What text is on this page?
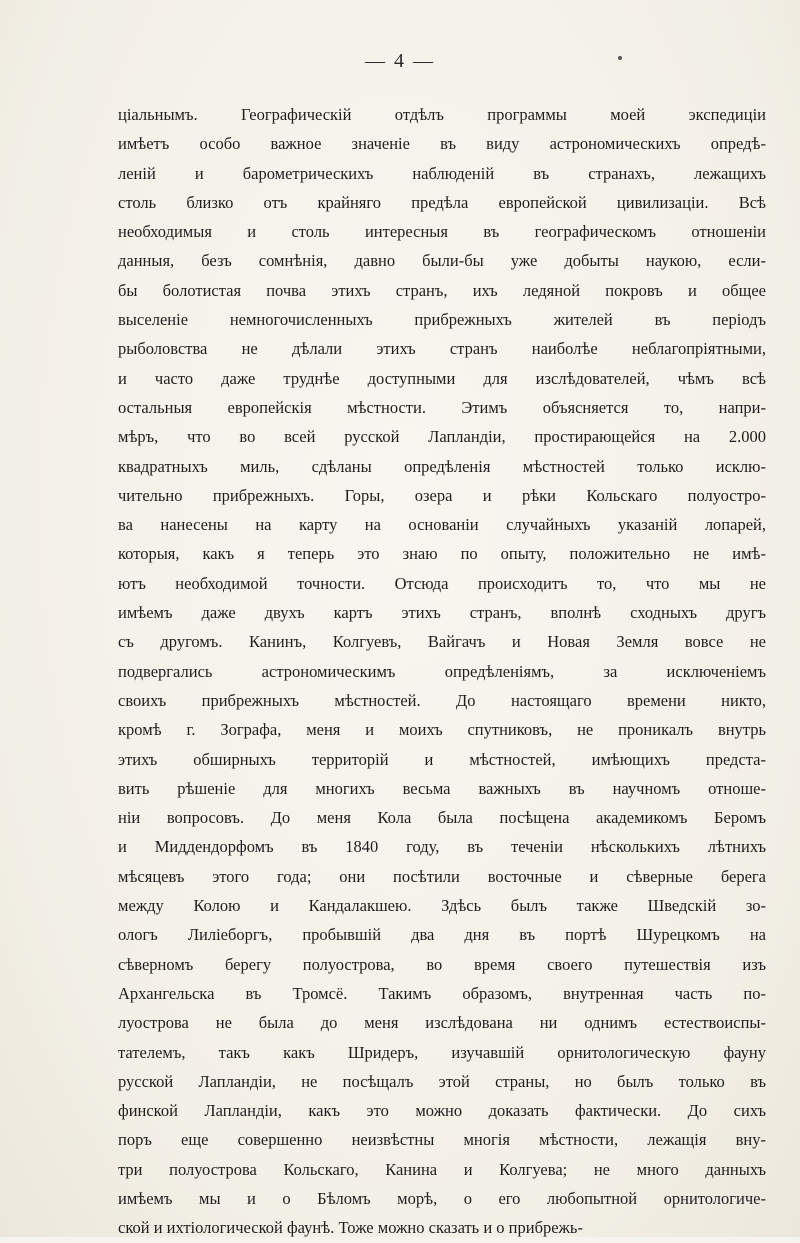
— 4 —
ціальнымъ. Географическій отдѣлъ программы моей экспедиціи
имѣетъ особо важное значеніе въ виду астрономическихъ опредѣ-
леній и барометрическихъ наблюденій въ странахъ, лежащихъ
столь близко отъ крайняго предѣла европейской цивилизаціи. Всѣ
необходимыя и столь интересныя въ географическомъ отношеніи
данныя, безъ сомнѣнія, давно были-бы уже добыты наукою, если-
бы болотистая почва этихъ странъ, ихъ ледяной покровъ и общее
выселеніе немногочисленныхъ прибрежныхъ жителей въ періодъ
рыболовства не дѣлали этихъ странъ наиболѣе неблагопріятными,
и часто даже труднѣе доступными для изслѣдователей, чѣмъ всѣ
остальныя европейскія мѣстности. Этимъ объясняется то, напри-
мѣръ, что во всей русской Лапландіи, простирающейся на 2.000
квадратныхъ миль, сдѣланы опредѣленія мѣстностей только исклю-
чительно прибрежныхъ. Горы, озера и рѣки Кольскаго полуостро-
ва нанесены на карту на основаніи случайныхъ указаній лопарей,
которыя, какъ я теперь это знаю по опыту, положительно не имѣ-
ютъ необходимой точности. Отсюда происходитъ то, что мы не
имѣемъ даже двухъ картъ этихъ странъ, вполнѣ сходныхъ другъ
съ другомъ. Канинъ, Колгуевъ, Вайгачъ и Новая Земля вовсе не
подвергались астрономическимъ опредѣленіямъ, за исключеніемъ
своихъ прибрежныхъ мѣстностей. До настоящаго времени никто,
кромѣ г. Зографа, меня и моихъ спутниковъ, не проникалъ внутрь
этихъ обширныхъ территорій и мѣстностей, имѣющихъ предста-
вить рѣшеніе для многихъ весьма важныхъ въ научномъ отноше-
ніи вопросовъ. До меня Кола была посѣщена академикомъ Беромъ
и Миддендорфомъ въ 1840 году, въ теченіи нѣсколькихъ лѣтнихъ
мѣсяцевъ этого года; они посѣтили восточные и сѣверные берега
между Колою и Кандалакшею. Здѣсь былъ также Шведскій зо-
ологъ Лиліеборгъ, пробывшій два дня въ портѣ Шурецкомъ на
сѣверномъ берегу полуострова, во время своего путешествія изъ
Архангельска въ Тромсё. Такимъ образомъ, внутренная часть по-
луострова не была до меня изслѣдована ни однимъ естествоиспы-
тателемъ, такъ какъ Шридеръ, изучавшій орнитологическую фауну
русской Лапландіи, не посѣщалъ этой страны, но былъ только въ
финской Лапландіи, какъ это можно доказать фактически. До сихъ
поръ еще совершенно неизвѣстны многія мѣстности, лежащія вну-
три полуострова Кольскаго, Канина и Колгуева; не много данныхъ
имѣемъ мы и о Бѣломъ морѣ, о его любопытной орнитологиче-
ской и ихтіологической фаунѣ. Тоже можно сказать и о прибрежь-
